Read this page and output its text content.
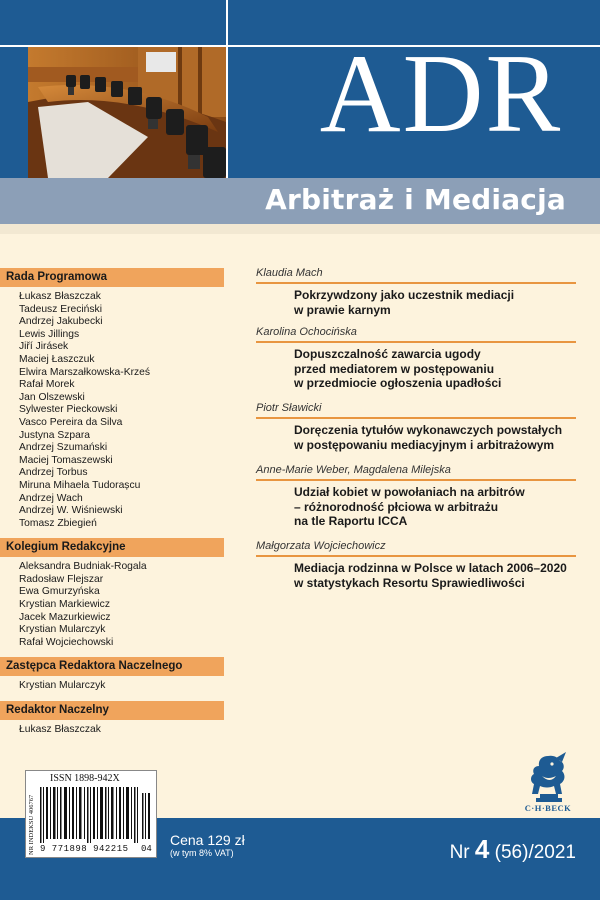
ADR
Arbitraż i Mediacja
Rada Programowa
Łukasz Błaszczak
Tadeusz Ereciński
Andrzej Jakubecki
Lewis Jillings
Jiří Jirásek
Maciej Łaszczuk
Elwira Marszałkowska-Krześ
Rafał Morek
Jan Olszewski
Sylwester Pieckowski
Vasco Pereira da Silva
Justyna Szpara
Andrzej Szumański
Maciej Tomaszewski
Andrzej Torbus
Miruna Mihaela Tudorașcu
Andrzej Wach
Andrzej W. Wiśniewski
Tomasz Zbiegień
Kolegium Redakcyjne
Aleksandra Budniak-Rogala
Radosław Flejszar
Ewa Gmurzyńska
Krystian Markiewicz
Jacek Mazurkiewicz
Krystian Mularczyk
Rafał Wojciechowski
Zastępca Redaktora Naczelnego
Krystian Mularczyk
Redaktor Naczelny
Łukasz Błaszczak
Klaudia Mach
Pokrzywdzony jako uczestnik mediacji
w prawie karnym
Karolina Ochocińska
Dopuszczalność zawarcia ugody
przed mediatorem w postępowaniu
w przedmiocie ogłoszenia upadłości
Piotr Sławicki
Doręczenia tytułów wykonawczych powstałych
w postępowaniu mediacyjnym i arbitrażowym
Anne-Marie Weber, Magdalena Milejska
Udział kobiet w powołaniach na arbitrów
– różnorodność płciowa w arbitrażu
na tle Raportu ICCA
Małgorzata Wojciechowicz
Mediacja rodzinna w Polsce w latach 2006–2020
w statystykach Resortu Sprawiedliwości
C·H·BECK
ISSN 1898-942X
NR INDEKSU 406767 9 771898 942215 04
Cena 129 zł
(w tym 8% VAT)	Nr 4 (56)/2021
